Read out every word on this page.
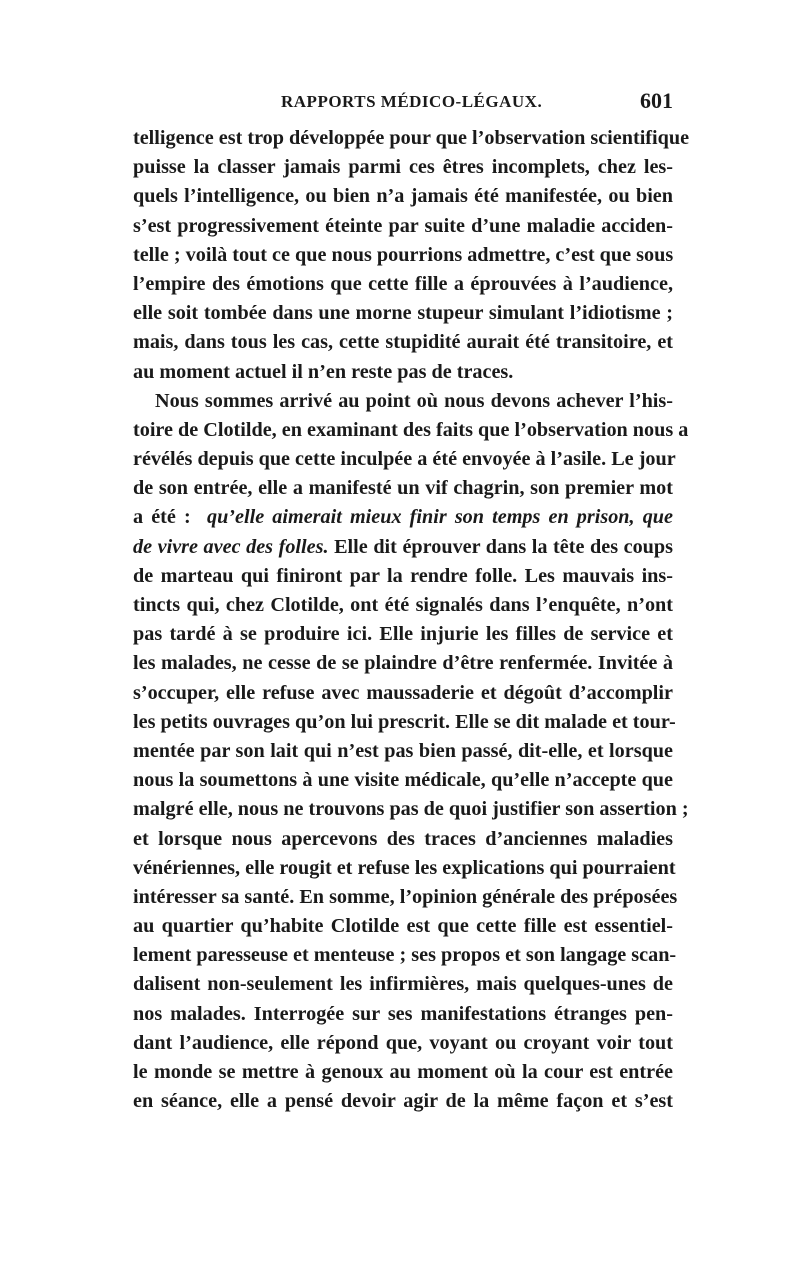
RAPPORTS MÉDICO-LÉGAUX.	601
telligence est trop développée pour que l’observation scientifique
puisse la classer jamais parmi ces êtres incomplets, chez les-
quels l’intelligence, ou bien n’a jamais été manifestée, ou bien
s’est progressivement éteinte par suite d’une maladie acciden-
telle ; voilà tout ce que nous pourrions admettre, c’est que sous
l’empire des émotions que cette fille a éprouvées à l’audience,
elle soit tombée dans une morne stupeur simulant l’idiotisme ;
mais, dans tous les cas, cette stupidité aurait été transitoire, et
au moment actuel il n’en reste pas de traces.
Nous sommes arrivé au point où nous devons achever l’his-
toire de Clotilde, en examinant des faits que l’observation nous a
révélés depuis que cette inculpée a été envoyée à l’asile. Le jour
de son entrée, elle a manifesté un vif chagrin, son premier mot
a été : qu’elle aimerait mieux finir son temps en prison, que
de vivre avec des folles. Elle dit éprouver dans la tête des coups
de marteau qui finiront par la rendre folle. Les mauvais ins-
tincts qui, chez Clotilde, ont été signalés dans l’enquête, n’ont
pas tardé à se produire ici. Elle injurie les filles de service et
les malades, ne cesse de se plaindre d’être renfermée. Invitée à
s’occuper, elle refuse avec maussaderie et dégoût d’accomplir
les petits ouvrages qu’on lui prescrit. Elle se dit malade et tour-
mentée par son lait qui n’est pas bien passé, dit-elle, et lorsque
nous la soumettons à une visite médicale, qu’elle n’accepte que
malgré elle, nous ne trouvons pas de quoi justifier son assertion ;
et lorsque nous apercevons des traces d’anciennes maladies
vénériennes, elle rougit et refuse les explications qui pourraient
intéresser sa santé. En somme, l’opinion générale des préposées
au quartier qu’habite Clotilde est que cette fille est essentiel-
lement paresseuse et menteuse ; ses propos et son langage scan-
dalisent non-seulement les infirmières, mais quelques-unes de
nos malades. Interrogée sur ses manifestations étranges pen-
dant l’audience, elle répond que, voyant ou croyant voir tout
le monde se mettre à genoux au moment où la cour est entrée
en séance, elle a pensé devoir agir de la même façon et s’est
